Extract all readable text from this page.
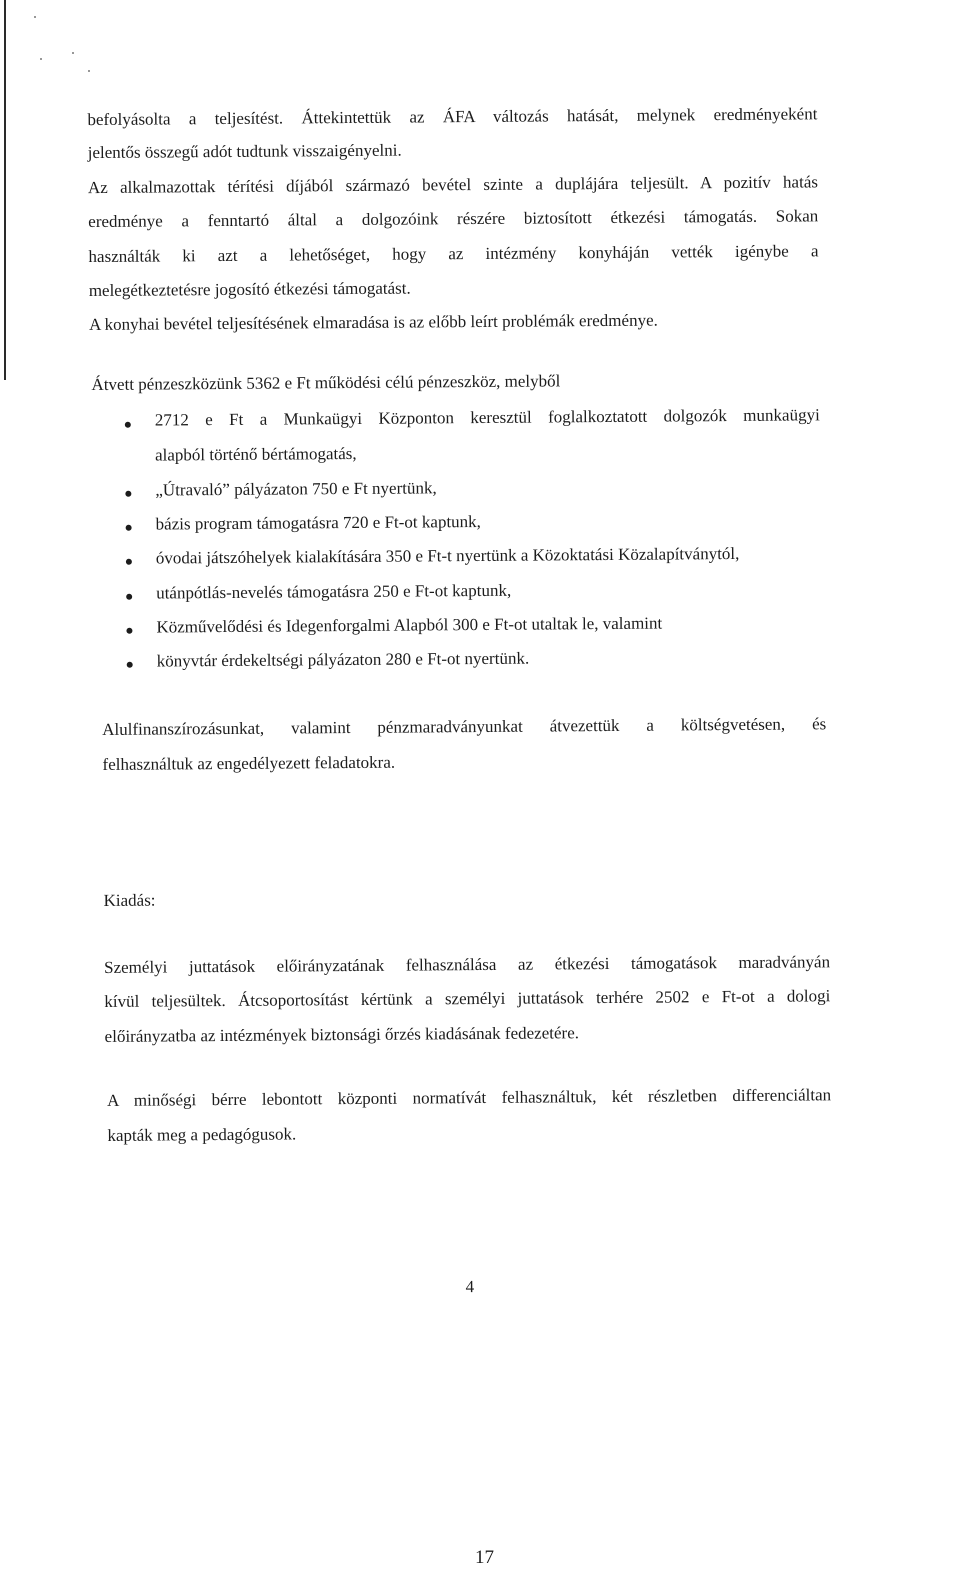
befolyásolta a teljesítést. Áttekintettük az ÁFA változás hatását, melynek eredményeként
jelentős összegű adót tudtunk visszaigényelni.
Az alkalmazottak térítési díjából származó bevétel szinte a duplájára teljesült. A pozitív hatás
eredménye a fenntartó által a dolgozóink részére biztosított étkezési támogatás. Sokan
használták ki azt a lehetőséget, hogy az intézmény konyháján vették igénybe a
melegétkeztetésre jogosító étkezési támogatást.
A konyhai bevétel teljesítésének elmaradása is az előbb leírt problémák eredménye.
Átvett pénzeszközünk 5362 e Ft működési célú pénzeszköz, melyből
2712 e Ft a Munkaügyi Központon keresztül foglalkoztatott dolgozók munkaügyi
alapból történő bértámogatás,
„Útravaló” pályázaton 750 e Ft nyertünk,
bázis program támogatásra 720 e Ft-ot kaptunk,
óvodai játszóhelyek kialakítására 350 e Ft-t nyertünk a Közoktatási Közalapítványtól,
utánpótlás-nevelés támogatásra 250 e Ft-ot kaptunk,
Közművelődési és Idegenforgalmi Alapból 300 e Ft-ot utaltak le, valamint
könyvtár érdekeltségi pályázaton 280 e Ft-ot nyertünk.
Alulfinanszírozásunkat, valamint pénzmaradványunkat átvezettük a költségvetésen, és
felhasználtuk az engedélyezett feladatokra.
Kiadás:
Személyi juttatások előirányzatának felhasználása az étkezési támogatások maradványán
kívül teljesültek. Átcsoportosítást kértünk a személyi juttatások terhére 2502 e Ft-ot a dologi
előirányzatba az intézmények biztonsági őrzés kiadásának fedezetére.
A minőségi bérre lebontott központi normatívát felhasználtuk, két részletben differenciáltan
kapták meg a pedagógusok.
4
17
